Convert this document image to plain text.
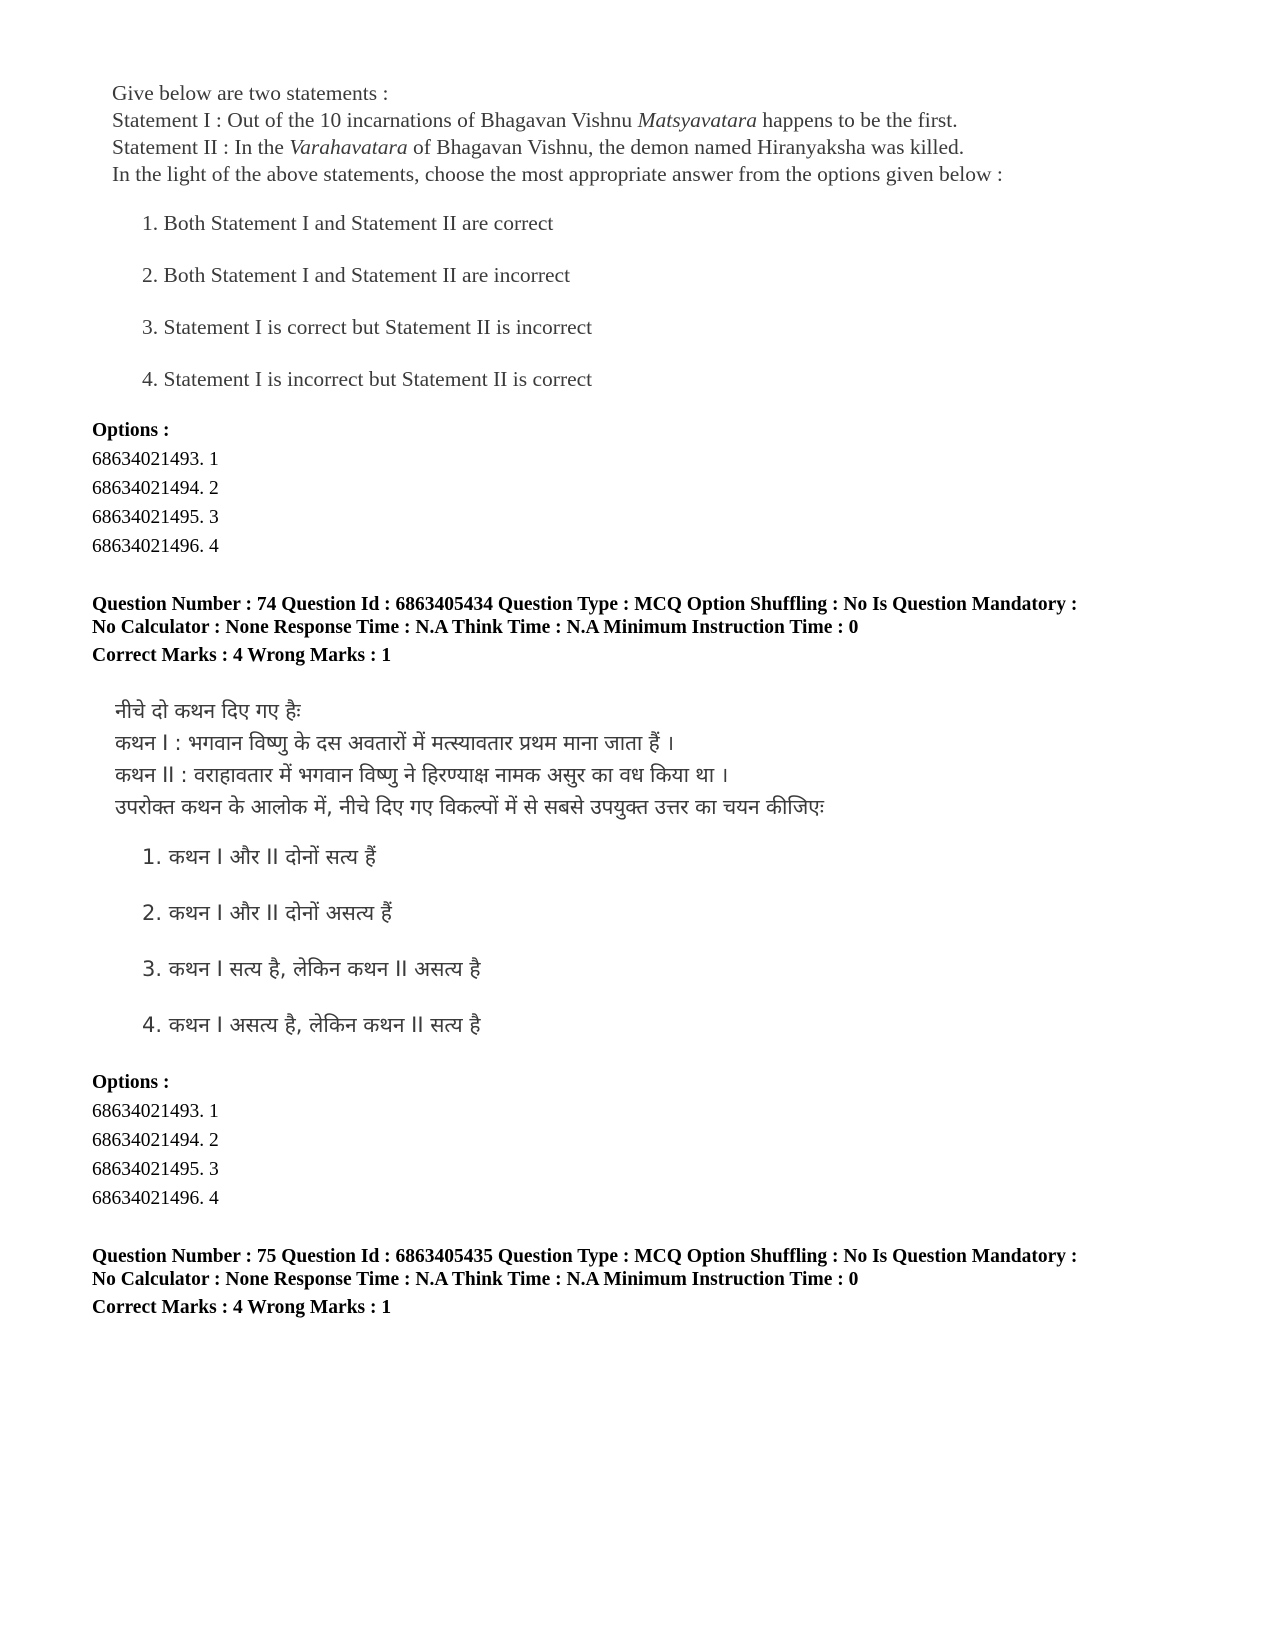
Give below are two statements :

Statement I : Out of the 10 incarnations of Bhagavan Vishnu Matsyavatara happens to be the first.

Statement II : In the Varahavatara of Bhagavan Vishnu, the demon named Hiranyaksha was killed.

In the light of the above statements, choose the most appropriate answer from the options given below :

1. Both Statement I and Statement II are correct
2. Both Statement I and Statement II are incorrect
3. Statement I is correct but Statement II is incorrect
4. Statement I is incorrect but Statement II is correct
Options :
68634021493. 1
68634021494. 2
68634021495. 3
68634021496. 4
Question Number : 74 Question Id : 6863405434 Question Type : MCQ Option Shuffling : No Is Question Mandatory :
No Calculator : None Response Time : N.A Think Time : N.A Minimum Instruction Time : 0
Correct Marks : 4 Wrong Marks : 1

नीचे दो कथन दिए गए हैः

कथन I : भगवान विष्णु के दस अवतारों में मत्स्यावतार प्रथम माना जाता हैं ।

कथन II : वराहावतार में भगवान विष्णु ने हिरण्याक्ष नामक असुर का वध किया था ।

उपरोक्त कथन के आलोक में, नीचे दिए गए विकल्पों में से सबसे उपयुक्त उत्तर का चयन कीजिएः

1. कथन I और II दोनों सत्य हैं
2. कथन I और II दोनों असत्य हैं
3. कथन I सत्य है, लेकिन कथन II असत्य है
4. कथन I असत्य है, लेकिन कथन II सत्य है
Options :
68634021493. 1
68634021494. 2
68634021495. 3
68634021496. 4
Question Number : 75 Question Id : 6863405435 Question Type : MCQ Option Shuffling : No Is Question Mandatory :
No Calculator : None Response Time : N.A Think Time : N.A Minimum Instruction Time : 0
Correct Marks : 4 Wrong Marks : 1
